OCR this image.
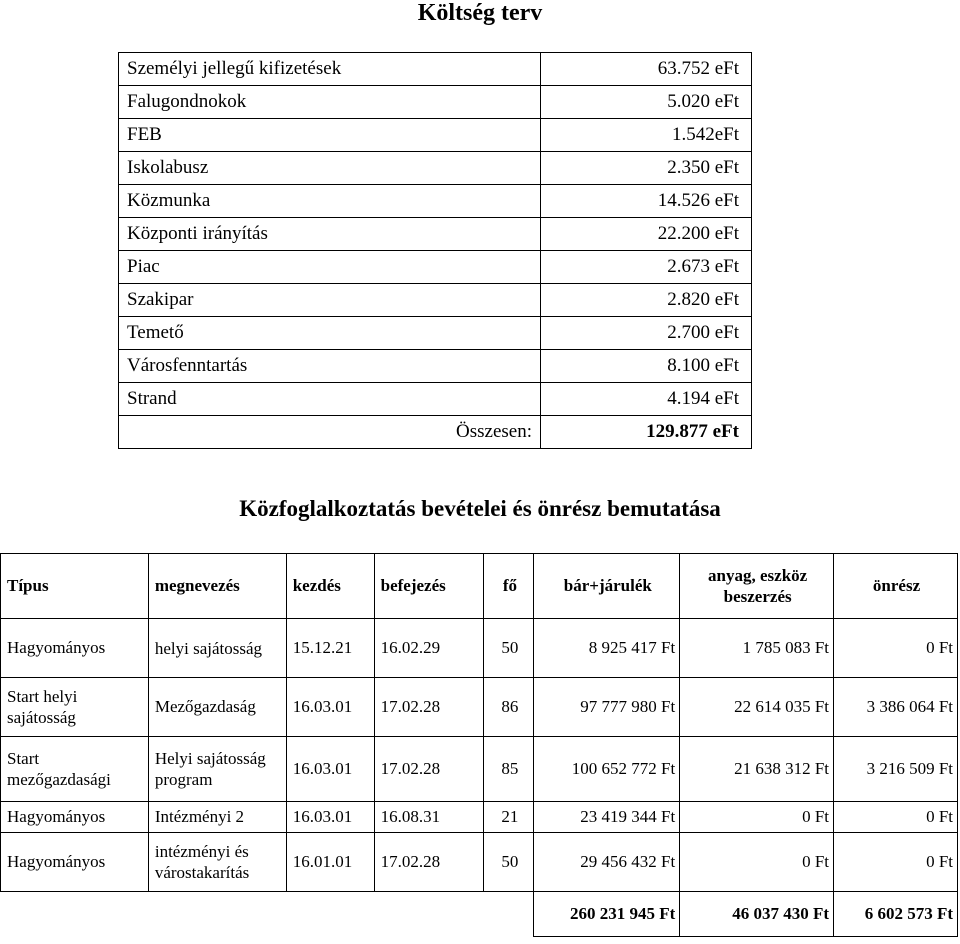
Költség terv
Személyi jellegű kifizetések	63.752 eFt
Falugondnokok	5.020 eFt
FEB	1.542eFt
Iskolabusz	2.350 eFt
Közmunka	14.526 eFt
Központi irányítás	22.200 eFt
Piac	2.673 eFt
Szakipar	2.820 eFt
Temető	2.700 eFt
Városfenntartás	8.100 eFt
Strand	4.194 eFt
Összesen:	129.877 eFt
Közfoglalkoztatás bevételei és önrész bemutatása
Típus	megnevezés	kezdés	befejezés	fő	bár+járulék	anyag, eszköz beszerzés	önrész
Hagyományos	helyi sajátosság	15.12.21	16.02.29	50	8 925 417 Ft	1 785 083 Ft	0 Ft
Start helyi sajátosság	Mezőgazdaság	16.03.01	17.02.28	86	97 777 980 Ft	22 614 035 Ft	3 386 064 Ft
Start mezőgazdasági	Helyi sajátosság program	16.03.01	17.02.28	85	100 652 772 Ft	21 638 312 Ft	3 216 509 Ft
Hagyományos	Intézményi 2	16.03.01	16.08.31	21	23 419 344 Ft	0 Ft	0 Ft
Hagyományos	intézményi és várostakarítás	16.01.01	17.02.28	50	29 456 432 Ft	0 Ft	0 Ft
					260 231 945 Ft	46 037 430 Ft	6 602 573 Ft
